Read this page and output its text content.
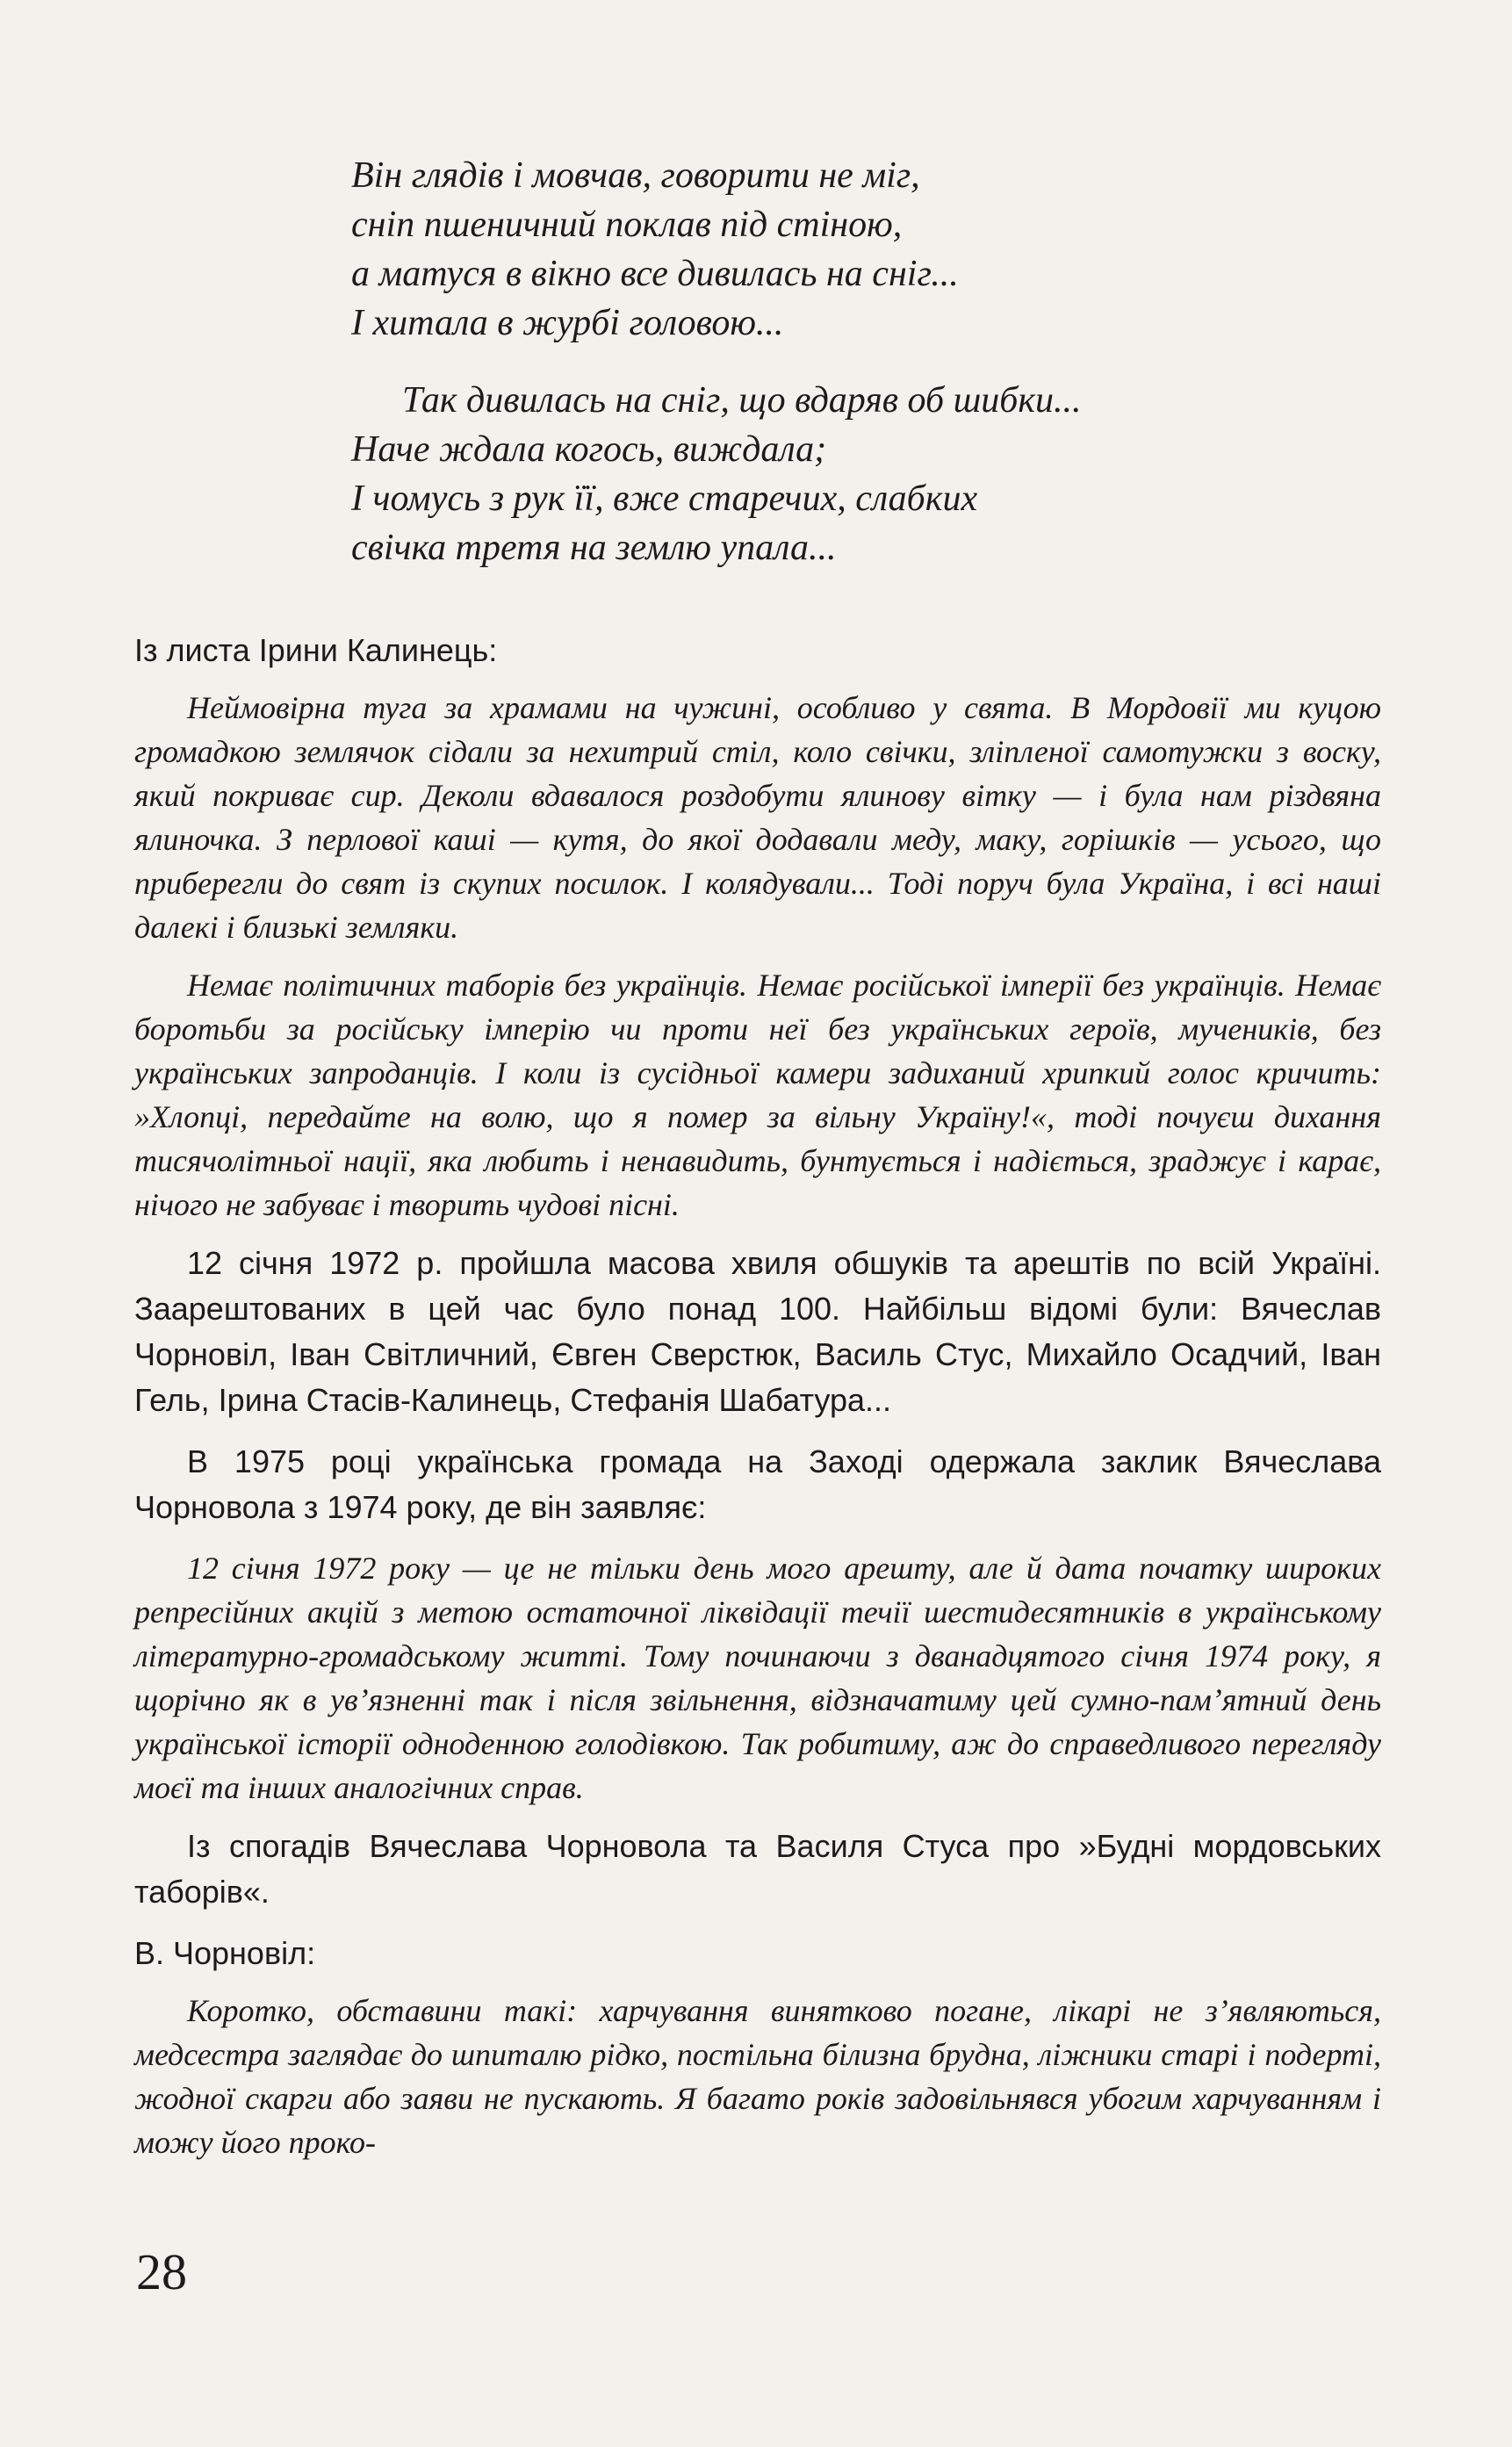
Він глядів і мовчав, говорити не міг,
сніп пшеничний поклав під стіною,
а матуся в вікно все дивилась на сніг...
І хитала в журбі головою...

Так дивилась на сніг, що вдаряв об шибки...
Наче ждала когось, виждала;
І чомусь з рук її, вже старечих, слабких
свічка третя на землю упала...

Із листа Ірини Калинець:

Неймовірна туга за храмами на чужині, особливо у свята. В Мордовії ми куцою громадкою землячок сідали за нехитрий стіл, коло свічки, зліпленої самотужки з воску, який покриває сир. Деколи вдавалося роздобути ялинову вітку — і була нам різдвяна ялиночка. З перлової каші — кутя, до якої додавали меду, маку, горішків — усього, що приберегли до свят із скупих посилок. І колядували... Тоді поруч була Україна, і всі наші далекі і близькі земляки.

Немає політичних таборів без українців. Немає російської імперії без українців. Немає боротьби за російську імперію чи проти неї без українських героїв, мучеників, без українських запроданців. І коли із сусідньої камери задиханий хрипкий голос кричить: »Хлопці, передайте на волю, що я помер за вільну Україну!«, тоді почуєш дихання тисячолітньої нації, яка любить і ненавидить, бунтується і надіється, зраджує і карає, нічого не забуває і творить чудові пісні.

12 січня 1972 р. пройшла масова хвиля обшуків та арештів по всій Україні. Заарештованих в цей час було понад 100. Найбільш відомі були: Вячеслав Чорновіл, Іван Світличний, Євген Сверстюк, Василь Стус, Михайло Осадчий, Іван Гель, Ірина Стасів-Калинець, Стефанія Шабатура...

В 1975 році українська громада на Заході одержала заклик Вячеслава Чорновола з 1974 року, де він заявляє:

12 січня 1972 року — це не тільки день мого арешту, але й дата початку широких репресійних акцій з метою остаточної ліквідації течії шестидесятників в українському літературно-громадському житті. Тому починаючи з дванадцятого січня 1974 року, я щорічно як в ув’язненні так і після звільнення, відзначатиму цей сумно-пам’ятний день української історії одноденною голодівкою. Так робитиму, аж до справедливого перегляду моєї та інших аналогічних справ.

Із спогадів Вячеслава Чорновола та Василя Стуса про »Будні мордовських таборів«.

В. Чорновіл:

Коротко, обставини такі: харчування винятково погане, лікарі не з’являються, медсестра заглядає до шпиталю рідко, постільна білизна брудна, ліжники старі і подерті, жодної скарги або заяви не пускають. Я багато років задовільнявся убогим харчуванням і можу його проко-

28
